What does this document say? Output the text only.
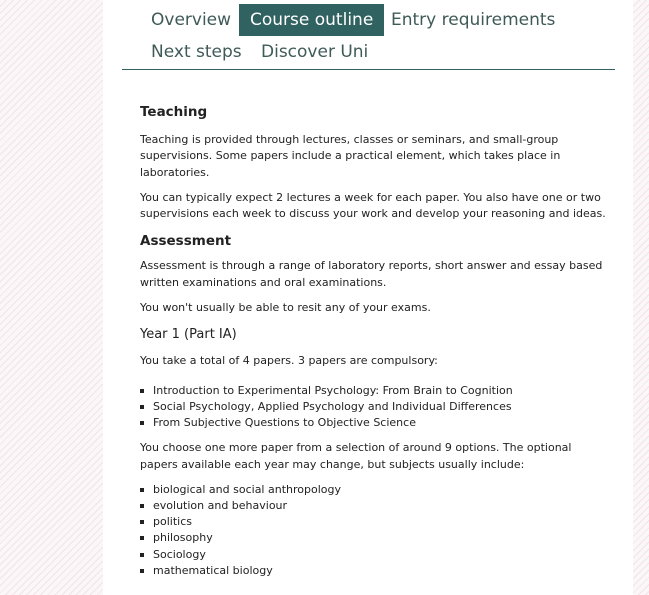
Overview	Course outline	Entry requirements
Next steps	Discover Uni
Teaching

Teaching is provided through lectures, classes or seminars, and small-group supervisions. Some papers include a practical element, which takes place in laboratories.

You can typically expect 2 lectures a week for each paper. You also have one or two supervisions each week to discuss your work and develop your reasoning and ideas.

Assessment

Assessment is through a range of laboratory reports, short answer and essay based written examinations and oral examinations.

You won't usually be able to resit any of your exams.

Year 1 (Part IA)

You take a total of 4 papers. 3 papers are compulsory:

Introduction to Experimental Psychology: From Brain to Cognition
Social Psychology, Applied Psychology and Individual Differences
From Subjective Questions to Objective Science

You choose one more paper from a selection of around 9 options. The optional papers available each year may change, but subjects usually include:

biological and social anthropology
evolution and behaviour
politics
philosophy
Sociology
mathematical biology
